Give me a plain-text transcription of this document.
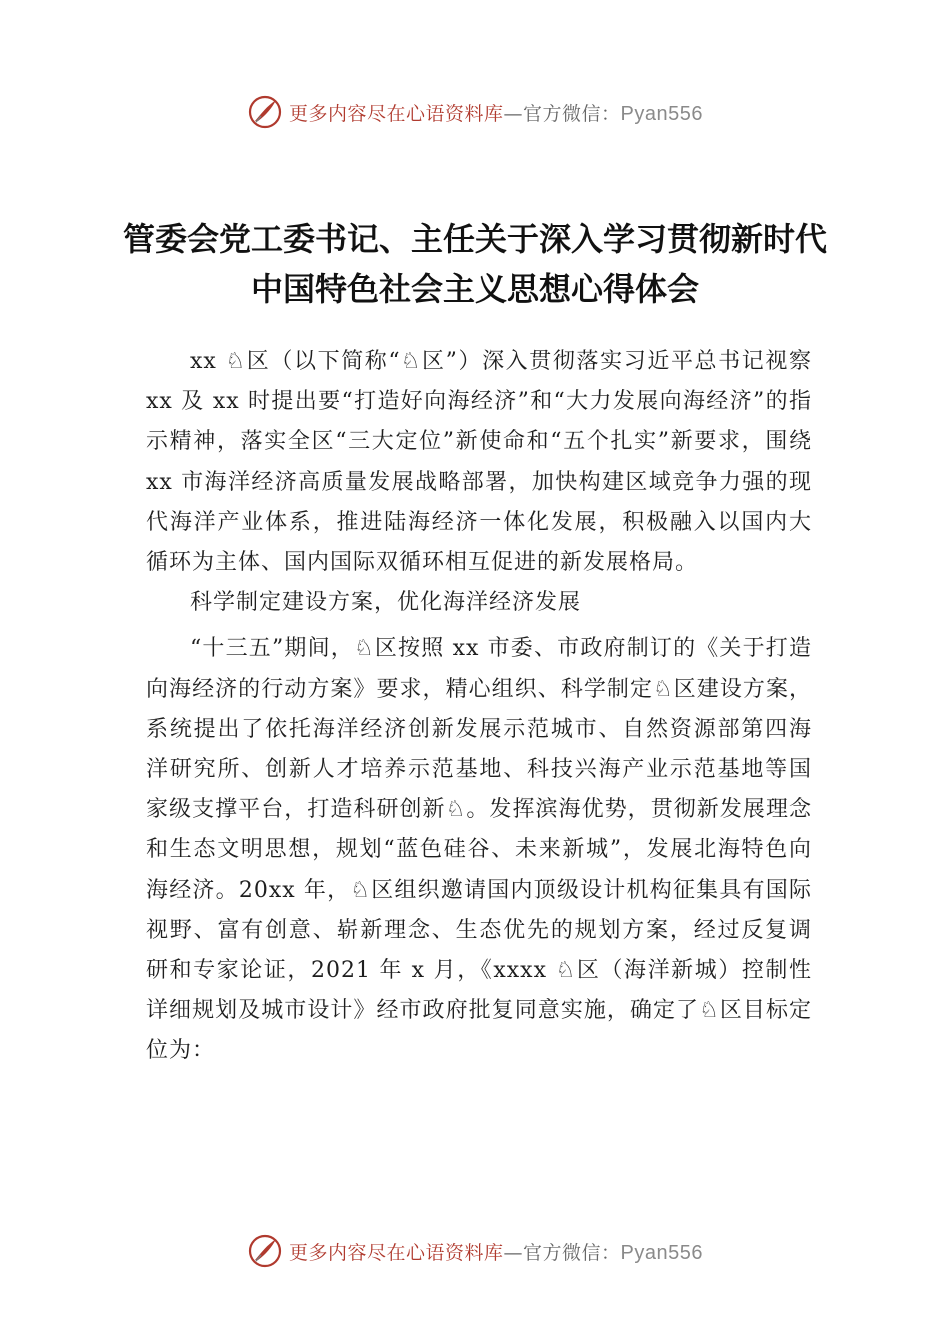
更多内容尽在心语资料库—官方微信：Pyan556
管委会党工委书记、主任关于深入学习贯彻新时代中国特色社会主义思想心得体会

xx ♘区（以下简称“♘区”）深入贯彻落实习近平总书记视察 xx 及 xx 时提出要“打造好向海经济”和“大力发展向海经济”的指示精神，落实全区“三大定位”新使命和“五个扎实”新要求，围绕 xx 市海洋经济高质量发展战略部署，加快构建区域竞争力强的现代海洋产业体系，推进陆海经济一体化发展，积极融入以国内大循环为主体、国内国际双循环相互促进的新发展格局。

科学制定建设方案，优化海洋经济发展

“十三五”期间，♘区按照 xx 市委、市政府制订的《关于打造向海经济的行动方案》要求，精心组织、科学制定♘区建设方案，系统提出了依托海洋经济创新发展示范城市、自然资源部第四海洋研究所、创新人才培养示范基地、科技兴海产业示范基地等国家级支撑平台，打造科研创新♘。发挥滨海优势，贯彻新发展理念和生态文明思想，规划“蓝色硅谷、未来新城”，发展北海特色向海经济。20xx 年，♘区组织邀请国内顶级设计机构征集具有国际视野、富有创意、崭新理念、生态优先的规划方案，经过反复调研和专家论证，2021 年 x 月，《xxxx ♘区（海洋新城）控制性详细规划及城市设计》经市政府批复同意实施，确定了♘区目标定位为：

更多内容尽在心语资料库—官方微信：Pyan556
